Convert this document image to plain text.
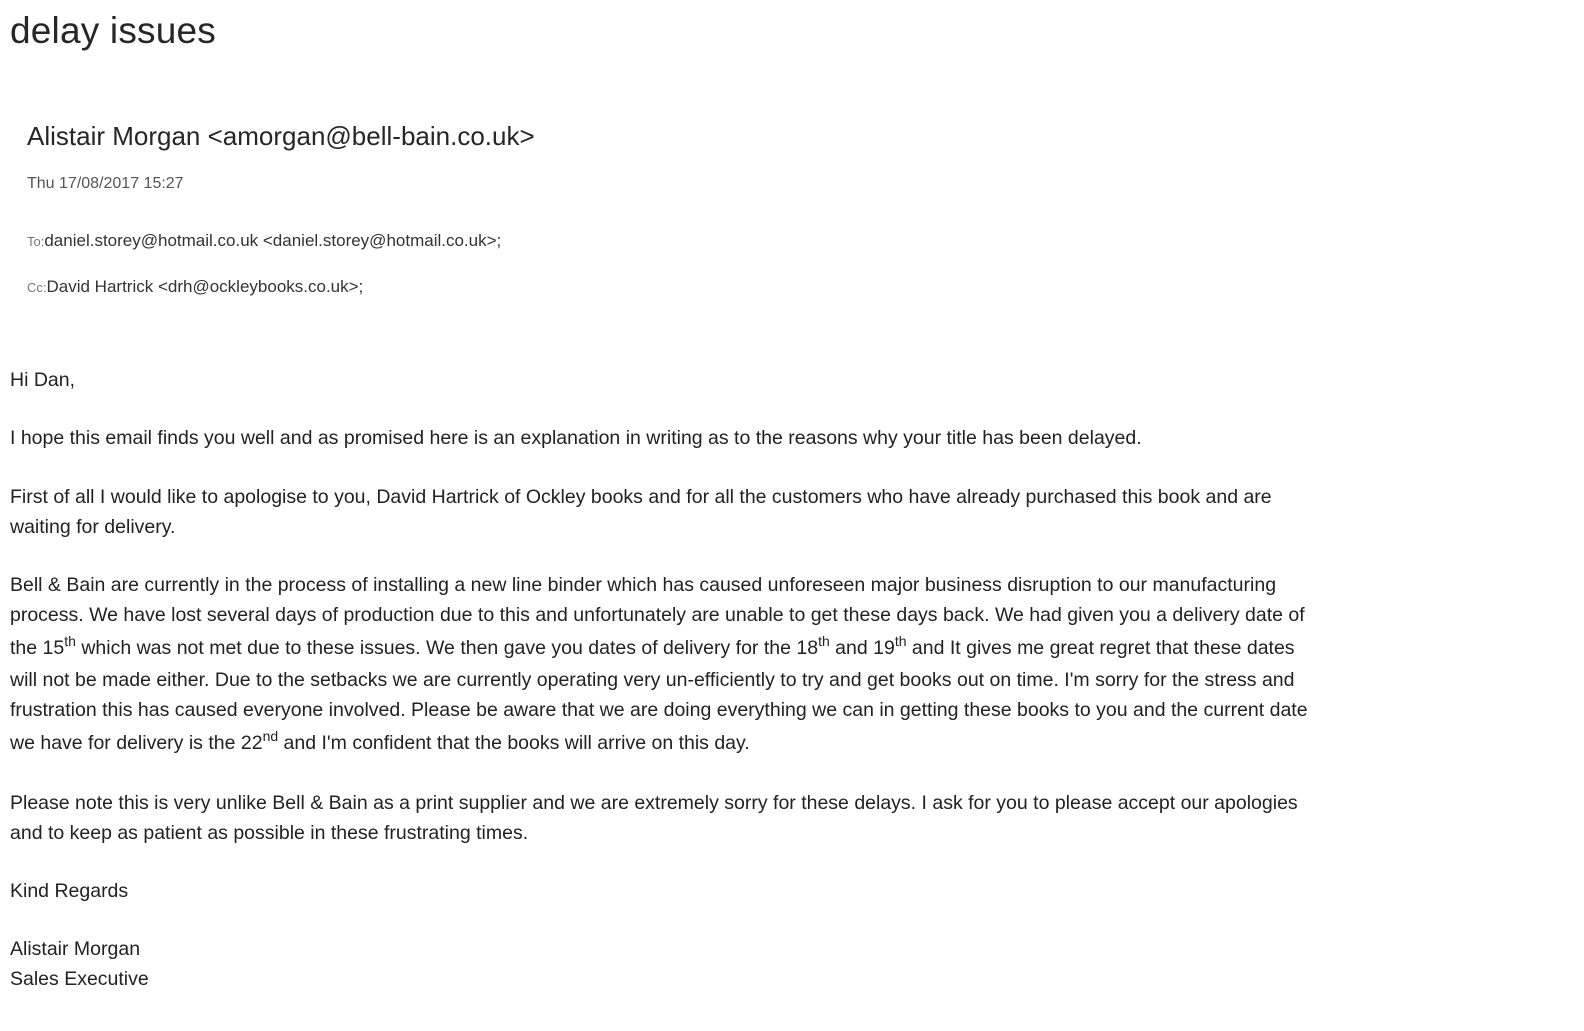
delay issues
Alistair Morgan <amorgan@bell-bain.co.uk>
Thu 17/08/2017 15:27
To:daniel.storey@hotmail.co.uk <daniel.storey@hotmail.co.uk>;
Cc:David Hartrick <drh@ockleybooks.co.uk>;
Hi Dan,
I hope this email finds you well and as promised here is an explanation in writing as to the reasons why your title has been delayed.
First of all I would like to apologise to you, David Hartrick of Ockley books and for all the customers who have already purchased this book and are
waiting for delivery.
Bell & Bain are currently in the process of installing a new line binder which has caused unforeseen major business disruption to our manufacturing
process. We have lost several days of production due to this and unfortunately are unable to get these days back. We had given you a delivery date of
the 15th which was not met due to these issues. We then gave you dates of delivery for the 18th and 19th and It gives me great regret that these dates
will not be made either. Due to the setbacks we are currently operating very un-efficiently to try and get books out on time. I'm sorry for the stress and
frustration this has caused everyone involved. Please be aware that we are doing everything we can in getting these books to you and the current date
we have for delivery is the 22nd and I'm confident that the books will arrive on this day.
Please note this is very unlike Bell & Bain as a print supplier and we are extremely sorry for these delays. I ask for you to please accept our apologies
and to keep as patient as possible in these frustrating times.
Kind Regards
Alistair Morgan
Sales Executive
